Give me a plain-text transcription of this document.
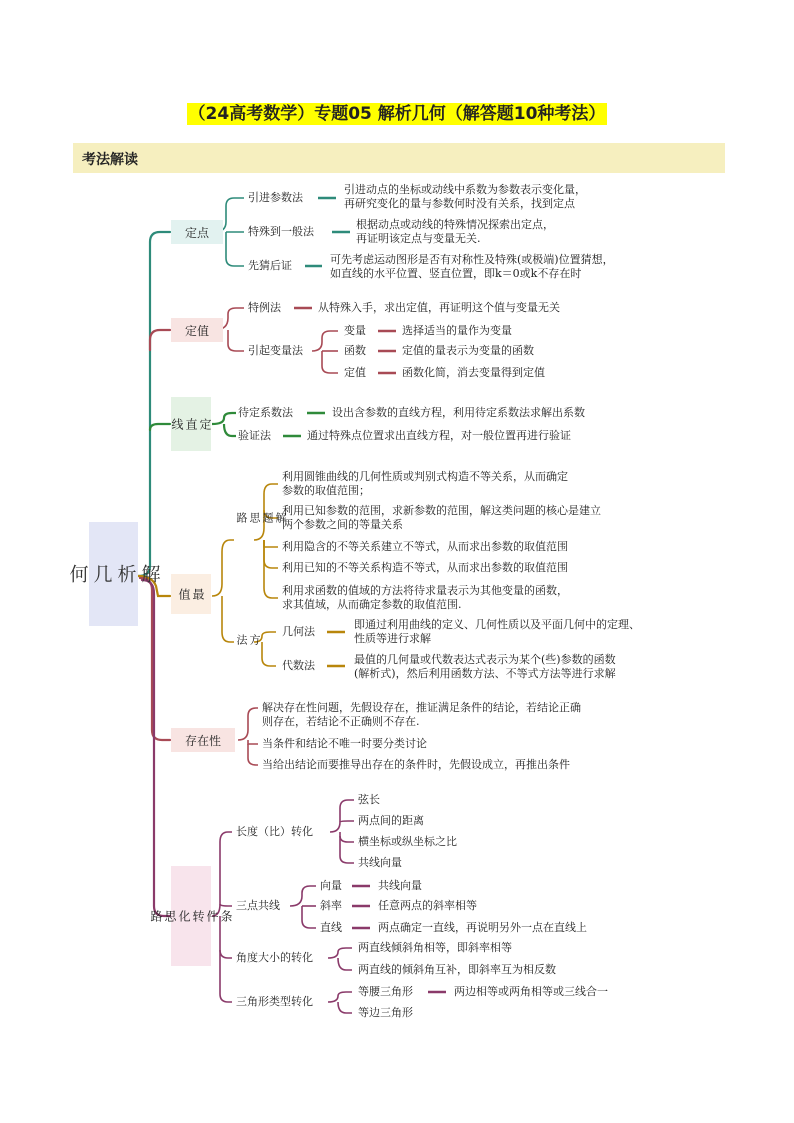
（24高考数学）专题05 解析几何（解答题10种考法）
考法解读
解
析
几
何
定点
引进参数法
引进动点的坐标或动线中系数为参数表示变化量，
再研究变化的量与参数何时没有关系，找到定点
特殊到一般法
根据动点或动线的特殊情况探索出定点，
再证明该定点与变量无关.
先猜后证	可先考虑运动图形是否有对称性及特殊(或极端)位置猜想，
如直线的水平位置、竖直位置，即k＝0或k不存在时
定值
特例法	从特殊入手，求出定值，再证明这个值与变量无关
引起变量法
变量	选择适当的量作为变量
函数	定值的量表示为变量的函数
定值	函数化简，消去变量得到定值
定
直
线
待定系数法	设出含参数的直线方程，利用待定系数法求解出系数
验证法	通过特殊点位置求出直线方程，对一般位置再进行验证
最
值
解
题
思
路
利用圆锥曲线的几何性质或判别式构造不等关系，从而确定
参数的取值范围；
利用已知参数的范围，求新参数的范围，解这类问题的核心是建立
两个参数之间的等量关系
利用隐含的不等关系建立不等式，从而求出参数的取值范围
利用已知的不等关系构造不等式，从而求出参数的取值范围
利用求函数的值域的方法将待求量表示为其他变量的函数，
求其值域，从而确定参数的取值范围.
方
法
几何法
即通过利用曲线的定义、几何性质以及平面几何中的定理、
性质等进行求解
代数法	最值的几何量或代数表达式表示为某个(些)参数的函数
(解析式)，然后利用函数方法、不等式方法等进行求解
存在性
解决存在性问题，先假设存在，推证满足条件的结论，若结论正确
则存在，若结论不正确则不存在.
当条件和结论不唯一时要分类讨论
当给出结论而要推导出存在的条件时，先假设成立，再推出条件
条
件
转
化
思
路
长度（比）转化
弦长
两点间的距离
横坐标或纵坐标之比
共线向量
三点共线
向量	共线向量
斜率	任意两点的斜率相等
直线	两点确定一直线，再说明另外一点在直线上
角度大小的转化
两直线倾斜角相等，即斜率相等
两直线的倾斜角互补，即斜率互为相反数
三角形类型转化
等腰三角形	两边相等或两角相等或三线合一
等边三角形
